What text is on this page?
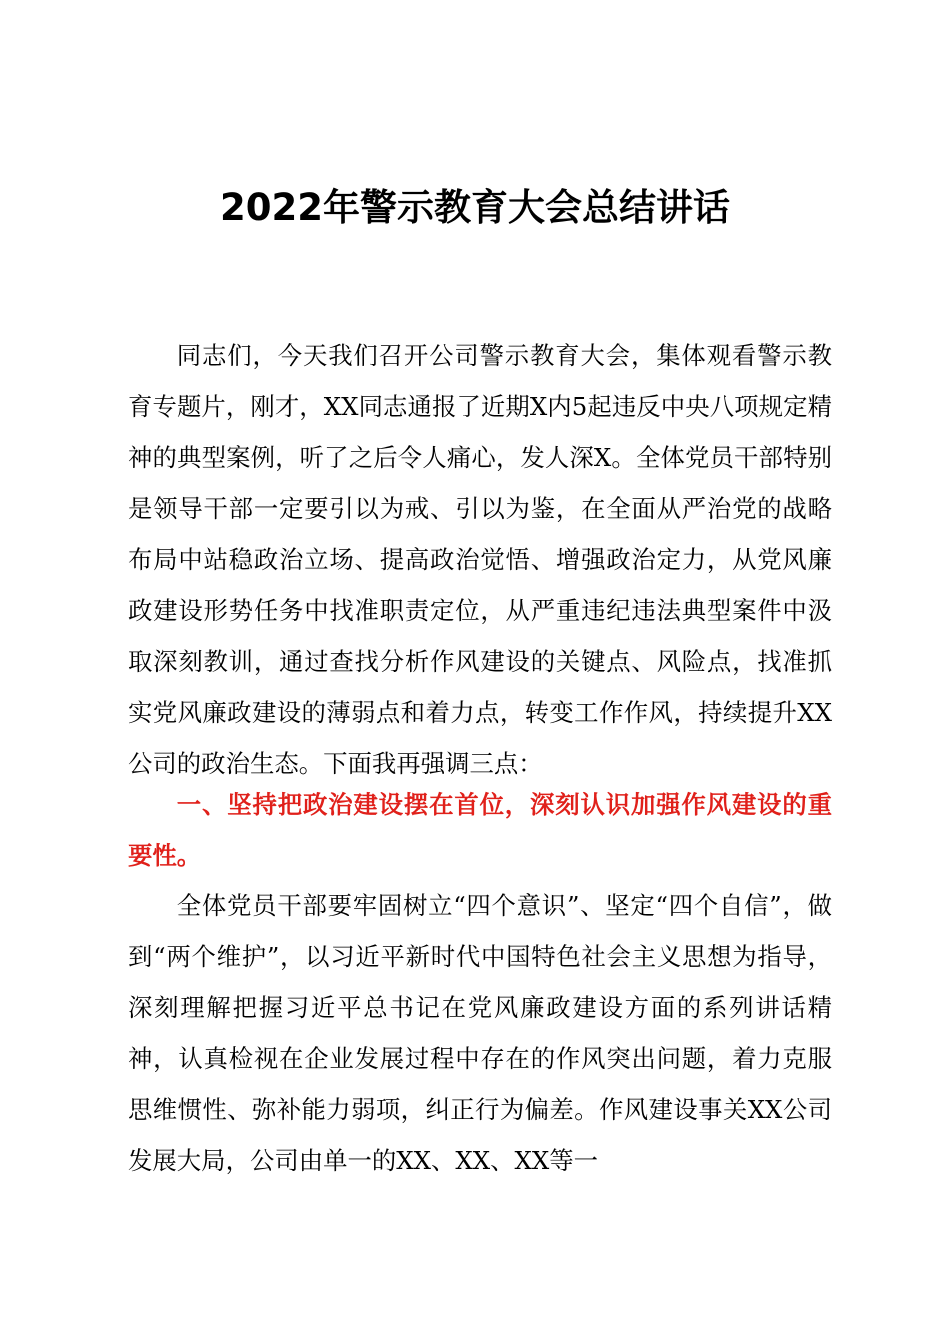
2022年警示教育大会总结讲话

同志们，今天我们召开公司警示教育大会，集体观看警示教育专题片，刚才，XX同志通报了近期X内5起违反中央八项规定精神的典型案例，听了之后令人痛心，发人深X。全体党员干部特别是领导干部一定要引以为戒、引以为鉴，在全面从严治党的战略布局中站稳政治立场、提高政治觉悟、增强政治定力，从党风廉政建设形势任务中找准职责定位，从严重违纪违法典型案件中汲取深刻教训，通过查找分析作风建设的关键点、风险点，找准抓实党风廉政建设的薄弱点和着力点，转变工作作风，持续提升XX公司的政治生态。下面我再强调三点：

一、坚持把政治建设摆在首位，深刻认识加强作风建设的重要性。

全体党员干部要牢固树立“四个意识”、坚定“四个自信”，做到“两个维护”，以习近平新时代中国特色社会主义思想为指导，深刻理解把握习近平总书记在党风廉政建设方面的系列讲话精神，认真检视在企业发展过程中存在的作风突出问题，着力克服思维惯性、弥补能力弱项，纠正行为偏差。作风建设事关XX公司发展大局，公司由单一的XX、XX、XX等一
